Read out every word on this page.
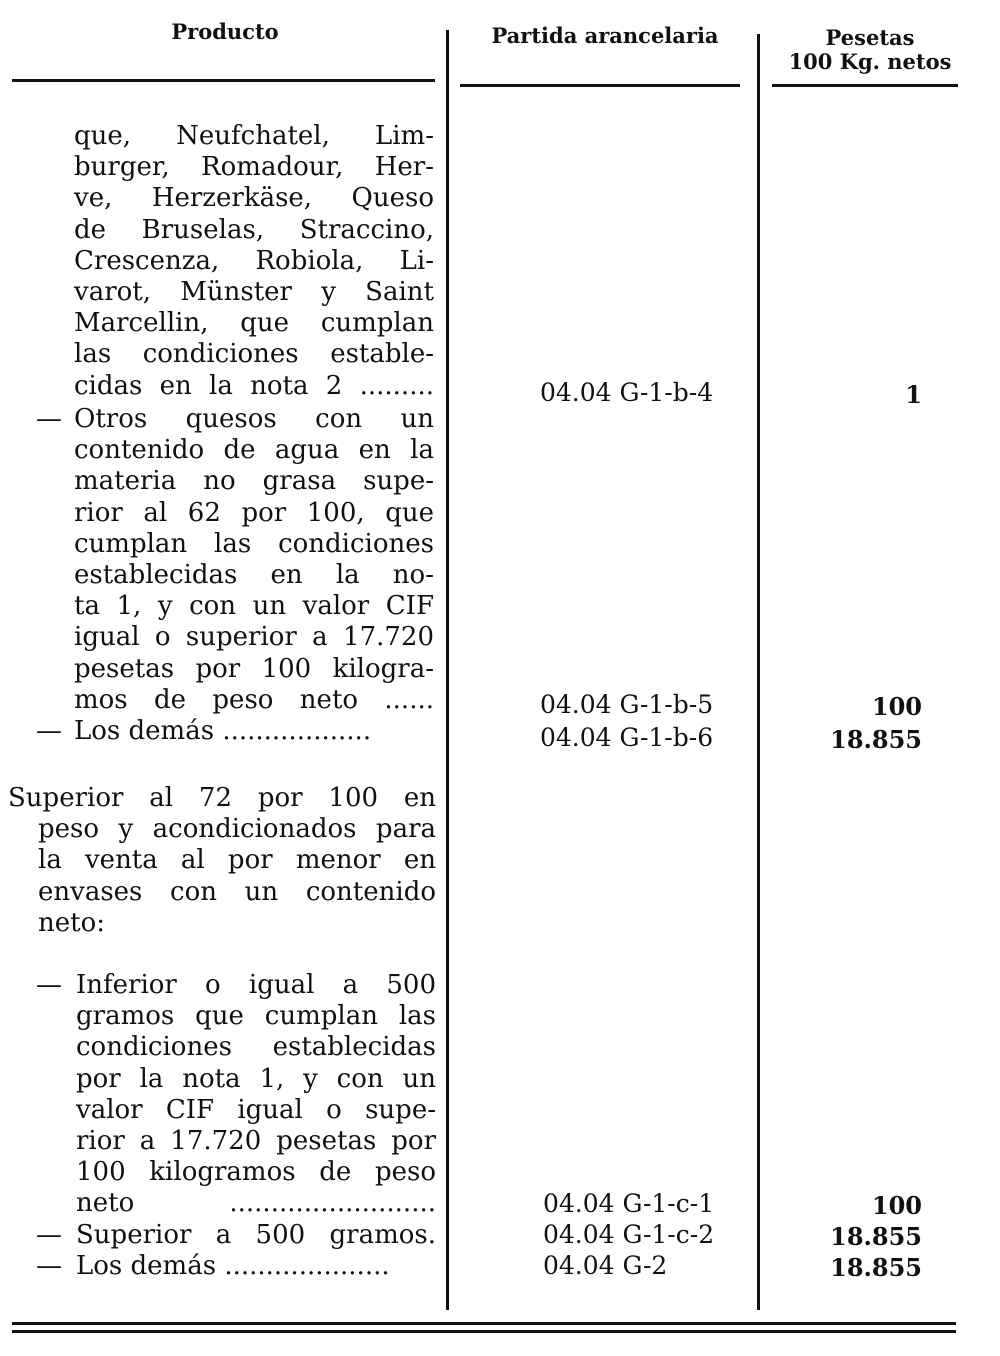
Producto	Partida arancelaria	Pesetas
100 Kg. netos
que, Neufchatel, Lim-
burger, Romadour, Her-
ve, Herzerkäse, Queso
de Bruselas, Straccino,
Crescenza, Robiola, Li-
varot, Münster y Saint
Marcellin, que cumplan
las condiciones estable-
cidas en la nota 2 .........
— Otros quesos con un
contenido de agua en la
materia no grasa supe-
rior al 62 por 100, que
cumplan las condiciones
establecidas en la no-
ta 1, y con un valor CIF
igual o superior a 17.720
pesetas por 100 kilogra-
mos de peso neto ......
— Los demás ..................
Superior al 72 por 100 en
peso y acondicionados para
la venta al por menor en
envases con un contenido
neto:
— Inferior o igual a 500
gramos que cumplan las
condiciones establecidas
por la nota 1, y con un
valor CIF igual o supe-
rior a 17.720 pesetas por
100 kilogramos de peso
neto .........................
— Superior a 500 gramos.
— Los demás ....................
04.04 G-1-b-4
04.04 G-1-b-5
04.04 G-1-b-6
04.04 G-1-c-1
04.04 G-1-c-2
04.04 G-2
1
100
18.855
100
18.855
18.855
